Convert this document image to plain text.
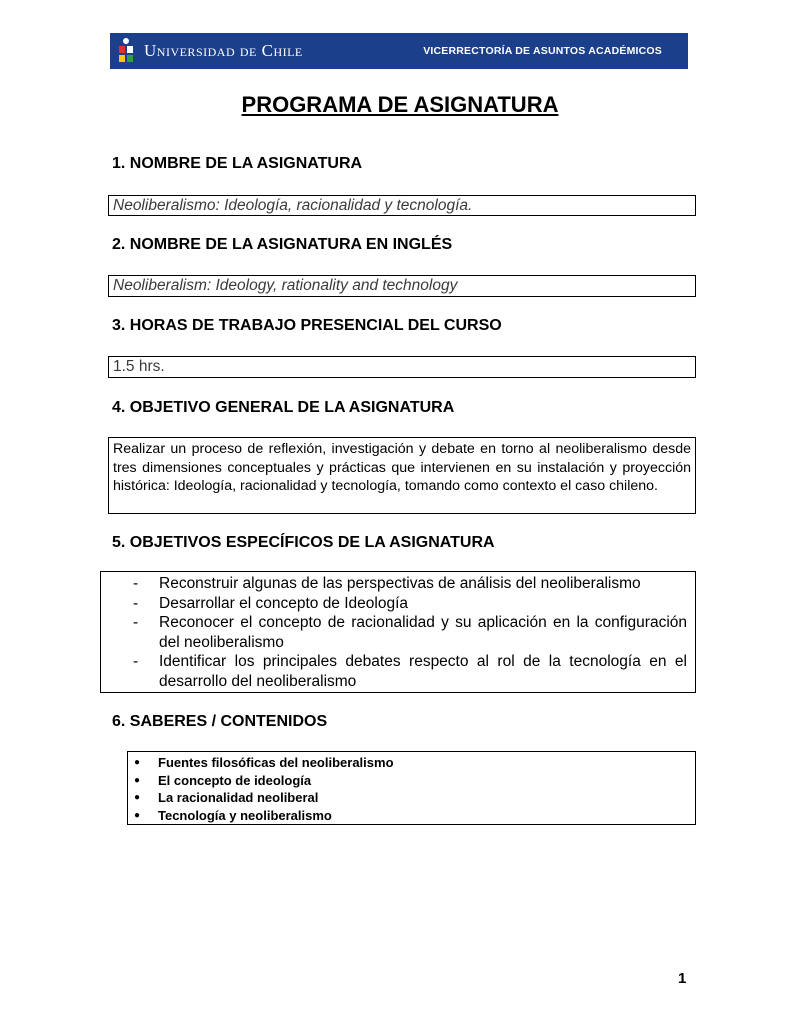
Universidad de Chile	VICERRECTORÍA DE ASUNTOS ACADÉMICOS
PROGRAMA DE ASIGNATURA
1. NOMBRE DE LA ASIGNATURA
Neoliberalismo: Ideología, racionalidad y tecnología.
2. NOMBRE DE LA ASIGNATURA EN INGLÉS
Neoliberalism: Ideology, rationality and technology
3. HORAS DE TRABAJO PRESENCIAL DEL CURSO
1.5 hrs.
4. OBJETIVO GENERAL DE LA ASIGNATURA
Realizar un proceso de reflexión, investigación y debate en torno al neoliberalismo desde tres dimensiones conceptuales y prácticas que intervienen en su instalación y proyección histórica: Ideología, racionalidad y tecnología, tomando como contexto el caso chileno.
5. OBJETIVOS ESPECÍFICOS DE LA ASIGNATURA
- Reconstruir algunas de las perspectivas de análisis del neoliberalismo
- Desarrollar el concepto de Ideología
- Reconocer el concepto de racionalidad y su aplicación en la configuración del neoliberalismo
- Identificar los principales debates respecto al rol de la tecnología en el desarrollo del neoliberalismo
6. SABERES / CONTENIDOS
● Fuentes filosóficas del neoliberalismo
● El concepto de ideología
● La racionalidad neoliberal
● Tecnología y neoliberalismo
1
